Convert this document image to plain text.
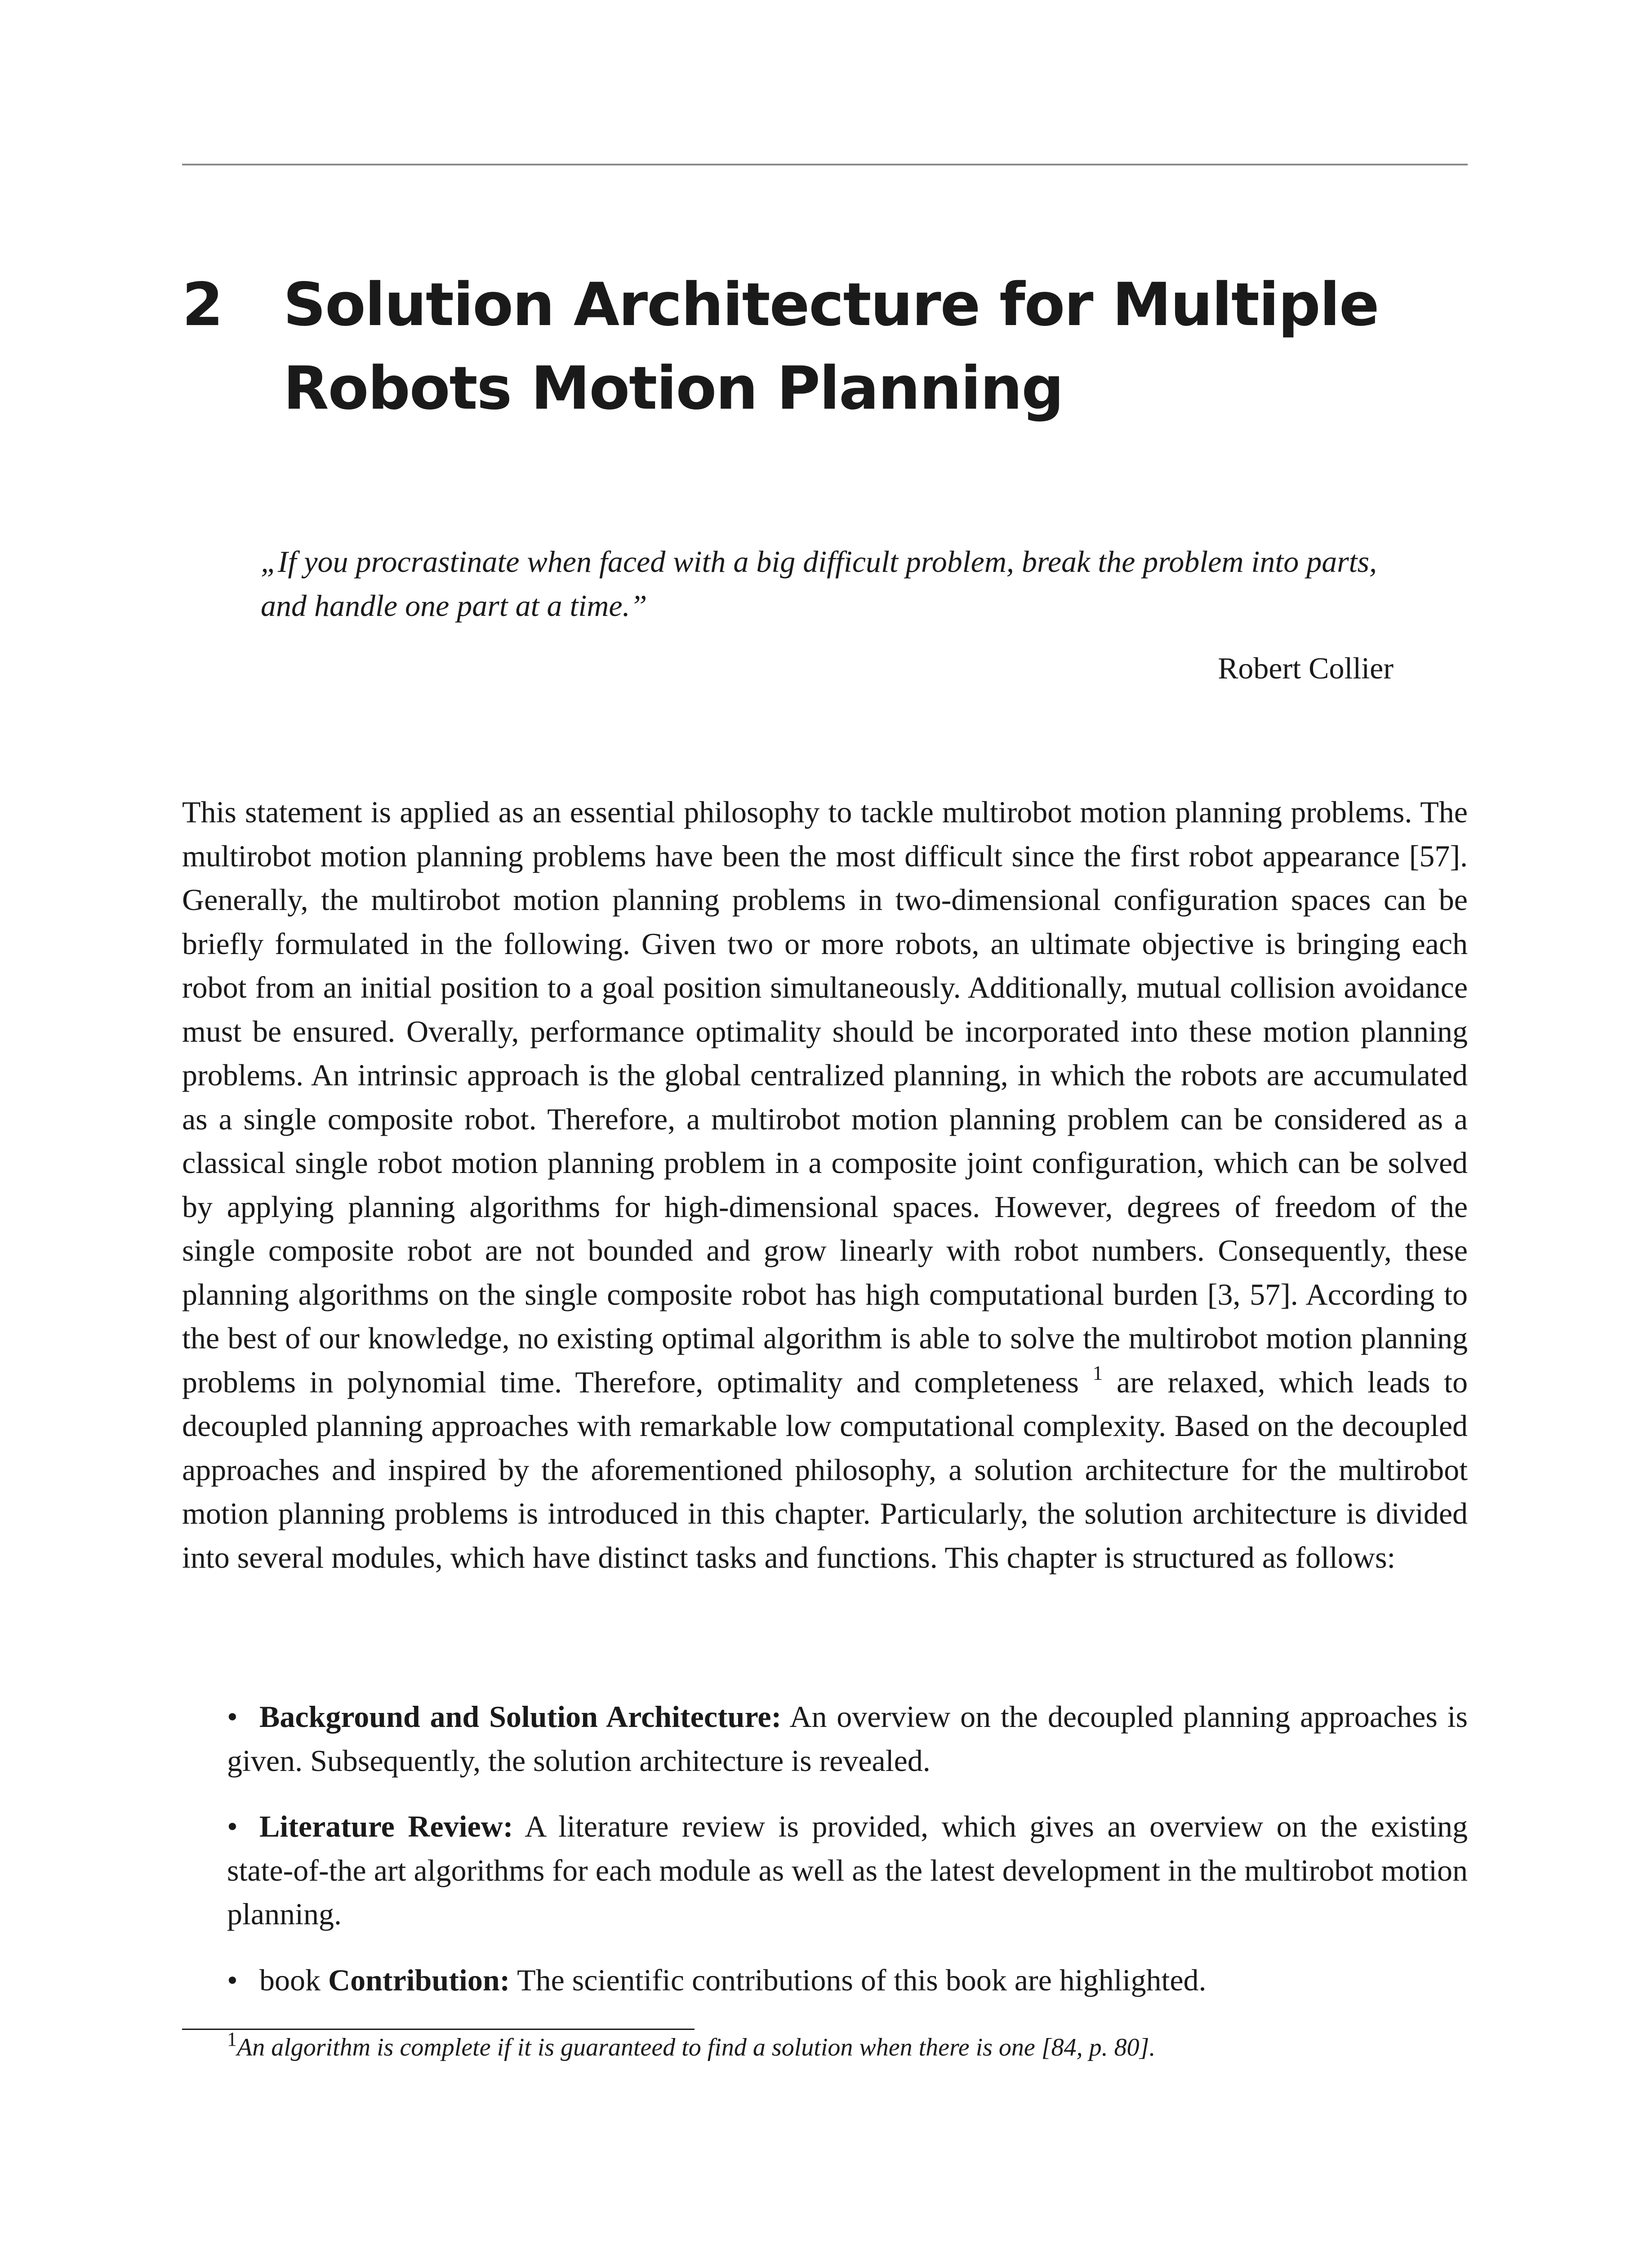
2 Solution Architecture for Multiple Robots Motion Planning
„If you procrastinate when faced with a big difficult problem, break the problem into parts, and handle one part at a time.”
Robert Collier

This statement is applied as an essential philosophy to tackle multirobot motion planning problems. The multirobot motion planning problems have been the most difficult since the first robot appearance [57]. Generally, the multirobot motion planning problems in two-dimensional configuration spaces can be briefly formulated in the following. Given two or more robots, an ultimate objective is bringing each robot from an initial position to a goal position simultaneously. Additionally, mutual collision avoidance must be ensured. Overally, performance optimality should be incorporated into these motion planning problems. An intrinsic approach is the global centralized planning, in which the robots are accumulated as a single composite robot. Therefore, a multirobot motion planning problem can be considered as a classical single robot motion planning problem in a composite joint configuration, which can be solved by applying planning algorithms for high-dimensional spaces. However, degrees of freedom of the single composite robot are not bounded and grow linearly with robot numbers. Consequently, these planning algorithms on the single composite robot has high computational burden [3, 57]. According to the best of our knowledge, no existing optimal algorithm is able to solve the multirobot motion planning problems in polynomial time. Therefore, optimality and completeness $^1$ are relaxed, which leads to decoupled planning approaches with remarkable low computational complexity. Based on the decoupled approaches and inspired by the aforementioned philosophy, a solution architecture for the multirobot motion planning problems is introduced in this chapter. Particularly, the solution architecture is divided into several modules, which have distinct tasks and functions. This chapter is structured as follows:

• Background and Solution Architecture: An overview on the decoupled planning approaches is given. Subsequently, the solution architecture is revealed.
• Literature Review: A literature review is provided, which gives an overview on the existing state-of-the art algorithms for each module as well as the latest development in the multirobot motion planning.
• book Contribution: The scientific contributions of this book are highlighted.
$^1$An algorithm is complete if it is guaranteed to find a solution when there is one [84, p. 80].
